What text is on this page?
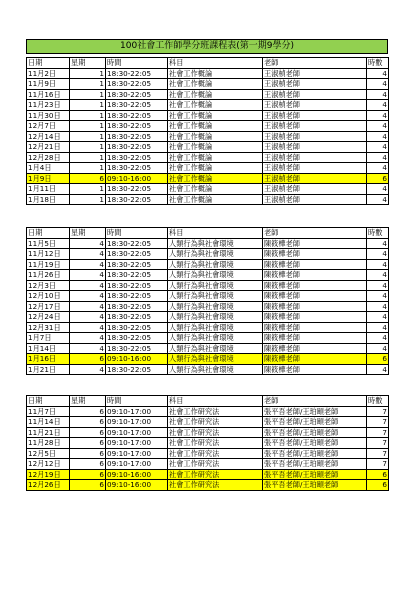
100社會工作師學分班課程表(第一期9學分)
日期	星期	時間	科目	老師	時數
11月2日	1	18:30-22:05	社會工作概論	王淑楨老師	4
11月9日	1	18:30-22:05	社會工作概論	王淑楨老師	4
11月16日	1	18:30-22:05	社會工作概論	王淑楨老師	4
11月23日	1	18:30-22:05	社會工作概論	王淑楨老師	4
11月30日	1	18:30-22:05	社會工作概論	王淑楨老師	4
12月7日	1	18:30-22:05	社會工作概論	王淑楨老師	4
12月14日	1	18:30-22:05	社會工作概論	王淑楨老師	4
12月21日	1	18:30-22:05	社會工作概論	王淑楨老師	4
12月28日	1	18:30-22:05	社會工作概論	王淑楨老師	4
1月4日	1	18:30-22:05	社會工作概論	王淑楨老師	4
1月9日	6	09:10-16:00	社會工作概論	王淑楨老師	6
1月11日	1	18:30-22:05	社會工作概論	王淑楨老師	4
1月18日	1	18:30-22:05	社會工作概論	王淑楨老師	4
日期	星期	時間	科目	老師	時數
11月5日	4	18:30-22:05	人類行為與社會環境	陳筱樺老師	4
11月12日	4	18:30-22:05	人類行為與社會環境	陳筱樺老師	4
11月19日	4	18:30-22:05	人類行為與社會環境	陳筱樺老師	4
11月26日	4	18:30-22:05	人類行為與社會環境	陳筱樺老師	4
12月3日	4	18:30-22:05	人類行為與社會環境	陳筱樺老師	4
12月10日	4	18:30-22:05	人類行為與社會環境	陳筱樺老師	4
12月17日	4	18:30-22:05	人類行為與社會環境	陳筱樺老師	4
12月24日	4	18:30-22:05	人類行為與社會環境	陳筱樺老師	4
12月31日	4	18:30-22:05	人類行為與社會環境	陳筱樺老師	4
1月7日	4	18:30-22:05	人類行為與社會環境	陳筱樺老師	4
1月14日	4	18:30-22:05	人類行為與社會環境	陳筱樺老師	4
1月16日	6	09:10-16:00	人類行為與社會環境	陳筱樺老師	6
1月21日	4	18:30-22:05	人類行為與社會環境	陳筱樺老師	4
日期	星期	時間	科目	老師	時數
11月7日	6	09:10-17:00	社會工作研究法	張平吾老師/王珀頤老師	7
11月14日	6	09:10-17:00	社會工作研究法	張平吾老師/王珀頤老師	7
11月21日	6	09:10-17:00	社會工作研究法	張平吾老師/王珀頤老師	7
11月28日	6	09:10-17:00	社會工作研究法	張平吾老師/王珀頤老師	7
12月5日	6	09:10-17:00	社會工作研究法	張平吾老師/王珀頤老師	7
12月12日	6	09:10-17:00	社會工作研究法	張平吾老師/王珀頤老師	7
12月19日	6	09:10-16:00	社會工作研究法	張平吾老師/王珀頤老師	6
12月26日	6	09:10-16:00	社會工作研究法	張平吾老師/王珀頤老師	6
